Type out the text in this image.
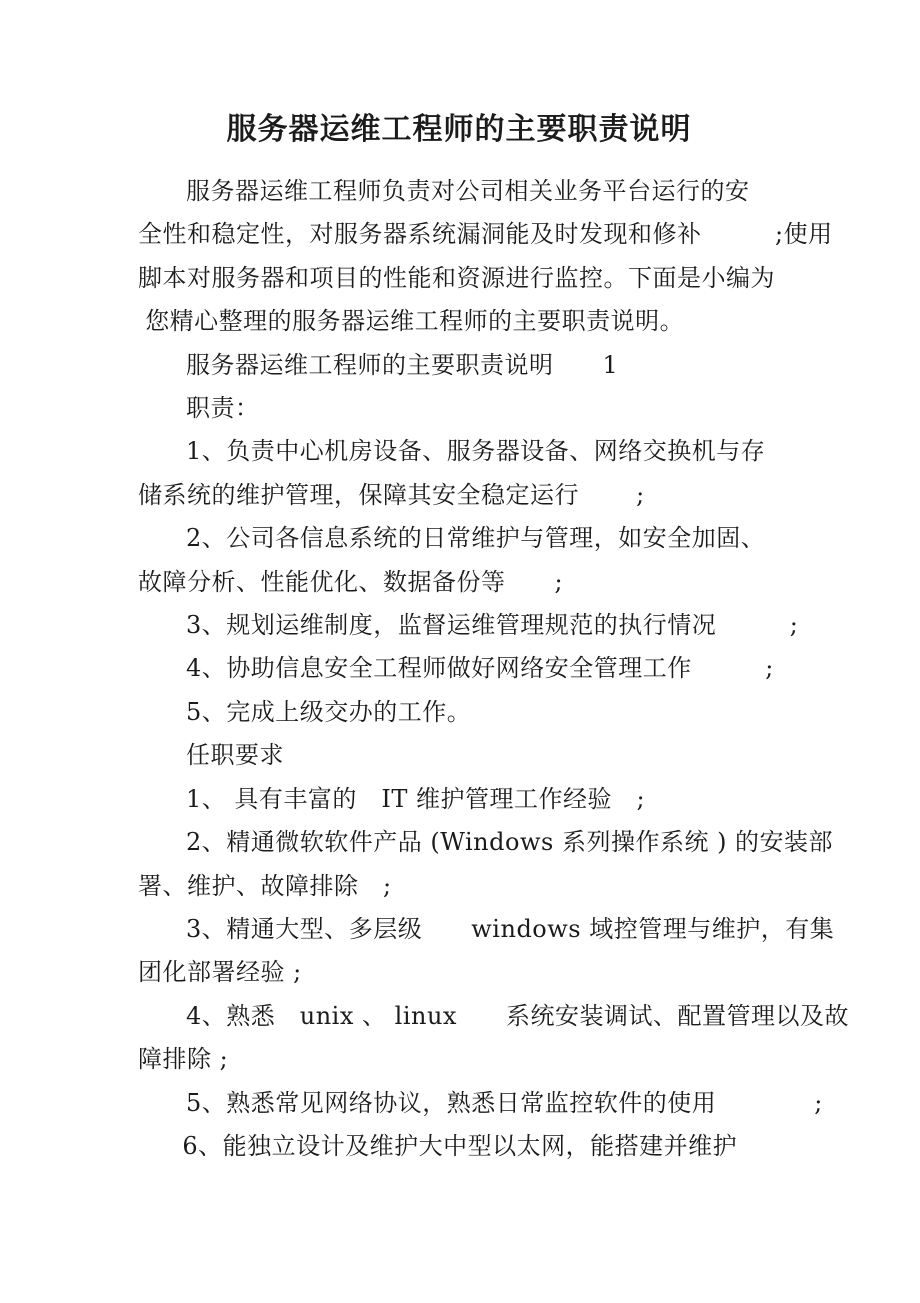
服务器运维工程师的主要职责说明
服务器运维工程师负责对公司相关业务平台运行的安
全性和稳定性，对服务器系统漏洞能及时发现和修补　　　;使用
脚本对服务器和项目的性能和资源进行监控。下面是小编为
您精心整理的服务器运维工程师的主要职责说明。
服务器运维工程师的主要职责说明　　1
职责：
1、负责中心机房设备、服务器设备、网络交换机与存
储系统的维护管理，保障其安全稳定运行　　 ;
2、公司各信息系统的日常维护与管理，如安全加固、
故障分析、性能优化、数据备份等　　;
3、规划运维制度，监督运维管理规范的执行情况　　　;
4、协助信息安全工程师做好网络安全管理工作　　　;
5、完成上级交办的工作。
任职要求
1、 具有丰富的　IT 维护管理工作经验　;
2、精通微软软件产品 (Windows 系列操作系统 ) 的安装部
署、维护、故障排除　;
3、精通大型、多层级　　windows 域控管理与维护，有集
团化部署经验 ;
4、熟悉　unix 、 linux　　系统安装调试、配置管理以及故
障排除 ;
5、熟悉常见网络协议，熟悉日常监控软件的使用　　　　;
6、能独立设计及维护大中型以太网，能搭建并维护
